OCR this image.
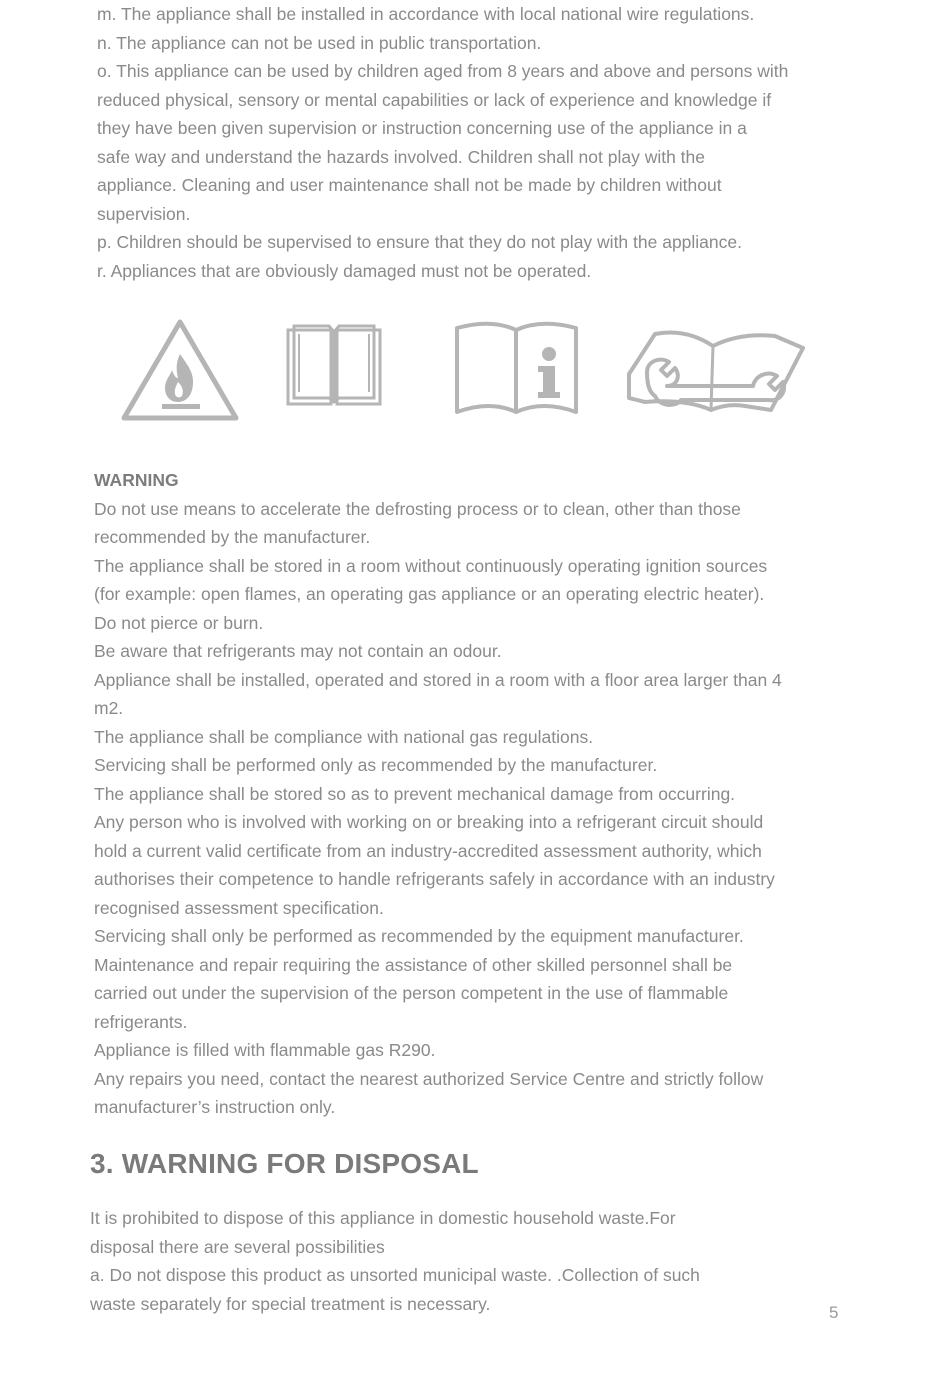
m. The appliance shall be installed in accordance with local national wire regulations.
n. The appliance can not be used in public transportation.
o. This appliance can be used by children aged from 8 years and above and persons with
reduced physical, sensory or mental capabilities or lack of experience and knowledge if
they have been given supervision or instruction concerning use of the appliance in a
safe way and understand the hazards involved. Children shall not play with the
appliance. Cleaning and user maintenance shall not be made by children without
supervision.
p. Children should be supervised to ensure that they do not play with the appliance.
r. Appliances that are obviously damaged must not be operated.
WARNING
Do not use means to accelerate the defrosting process or to clean, other than those
recommended by the manufacturer.
The appliance shall be stored in a room without continuously operating ignition sources
(for example: open flames, an operating gas appliance or an operating electric heater).
Do not pierce or burn.
Be aware that refrigerants may not contain an odour.
Appliance shall be installed, operated and stored in a room with a floor area larger than 4
m2.
The appliance shall be compliance with national gas regulations.
Servicing shall be performed only as recommended by the manufacturer.
The appliance shall be stored so as to prevent mechanical damage from occurring.
Any person who is involved with working on or breaking into a refrigerant circuit should
hold a current valid certificate from an industry-accredited assessment authority, which
authorises their competence to handle refrigerants safely in accordance with an industry
recognised assessment specification.
Servicing shall only be performed as recommended by the equipment manufacturer.
Maintenance and repair requiring the assistance of other skilled personnel shall be
carried out under the supervision of the person competent in the use of flammable
refrigerants.
Appliance is filled with flammable gas R290.
Any repairs you need, contact the nearest authorized Service Centre and strictly follow
manufacturer’s instruction only.
3. WARNING FOR DISPOSAL
It is prohibited to dispose of this appliance in domestic household waste.For
disposal there are several possibilities
a. Do not dispose this product as unsorted municipal waste. .Collection of such
waste separately for special treatment is necessary.	5
